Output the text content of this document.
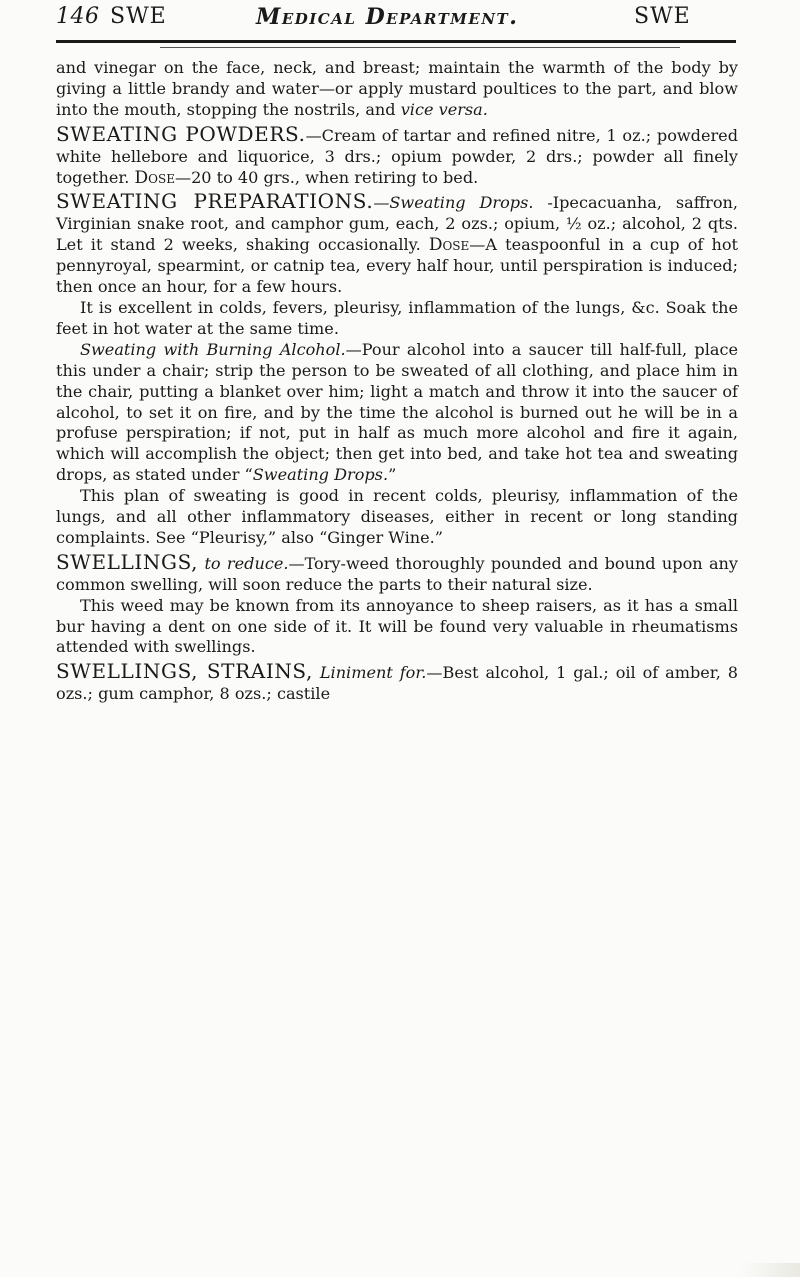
146 SWE	Medical Department.	SWE

and vinegar on the face, neck, and breast; maintain the warmth of the body by giving a little brandy and water—or apply mustard poultices to the part, and blow into the mouth, stopping the nostrils, and vice versa.

SWEATING POWDERS.—Cream of tartar and refined nitre, 1 oz.; powdered white hellebore and liquorice, 3 drs.; opium powder, 2 drs.; powder all finely together. Dose—20 to 40 grs., when retiring to bed.

SWEATING PREPARATIONS.—Sweating Drops. -Ipecacuanha, saffron, Virginian snake root, and camphor gum, each, 2 ozs.; opium, ½ oz.; alcohol, 2 qts. Let it stand 2 weeks, shaking occasionally. Dose—A teaspoonful in a cup of hot pennyroyal, spearmint, or catnip tea, every half hour, until perspiration is induced; then once an hour, for a few hours.

It is excellent in colds, fevers, pleurisy, inflammation of the lungs, &c. Soak the feet in hot water at the same time.

Sweating with Burning Alcohol.—Pour alcohol into a saucer till half-full, place this under a chair; strip the person to be sweated of all clothing, and place him in the chair, putting a blanket over him; light a match and throw it into the saucer of alcohol, to set it on fire, and by the time the alcohol is burned out he will be in a profuse perspiration; if not, put in half as much more alcohol and fire it again, which will accomplish the object; then get into bed, and take hot tea and sweating drops, as stated under “Sweating Drops.”

This plan of sweating is good in recent colds, pleurisy, inflammation of the lungs, and all other inflammatory diseases, either in recent or long standing complaints. See “Pleurisy,” also “Ginger Wine.”

SWELLINGS, to reduce.—Tory-weed thoroughly pounded and bound upon any common swelling, will soon reduce the parts to their natural size.

This weed may be known from its annoyance to sheep raisers, as it has a small bur having a dent on one side of it. It will be found very valuable in rheumatisms attended with swellings.

SWELLINGS, STRAINS, Liniment for.—Best alcohol, 1 gal.; oil of amber, 8 ozs.; gum camphor, 8 ozs.; castile
